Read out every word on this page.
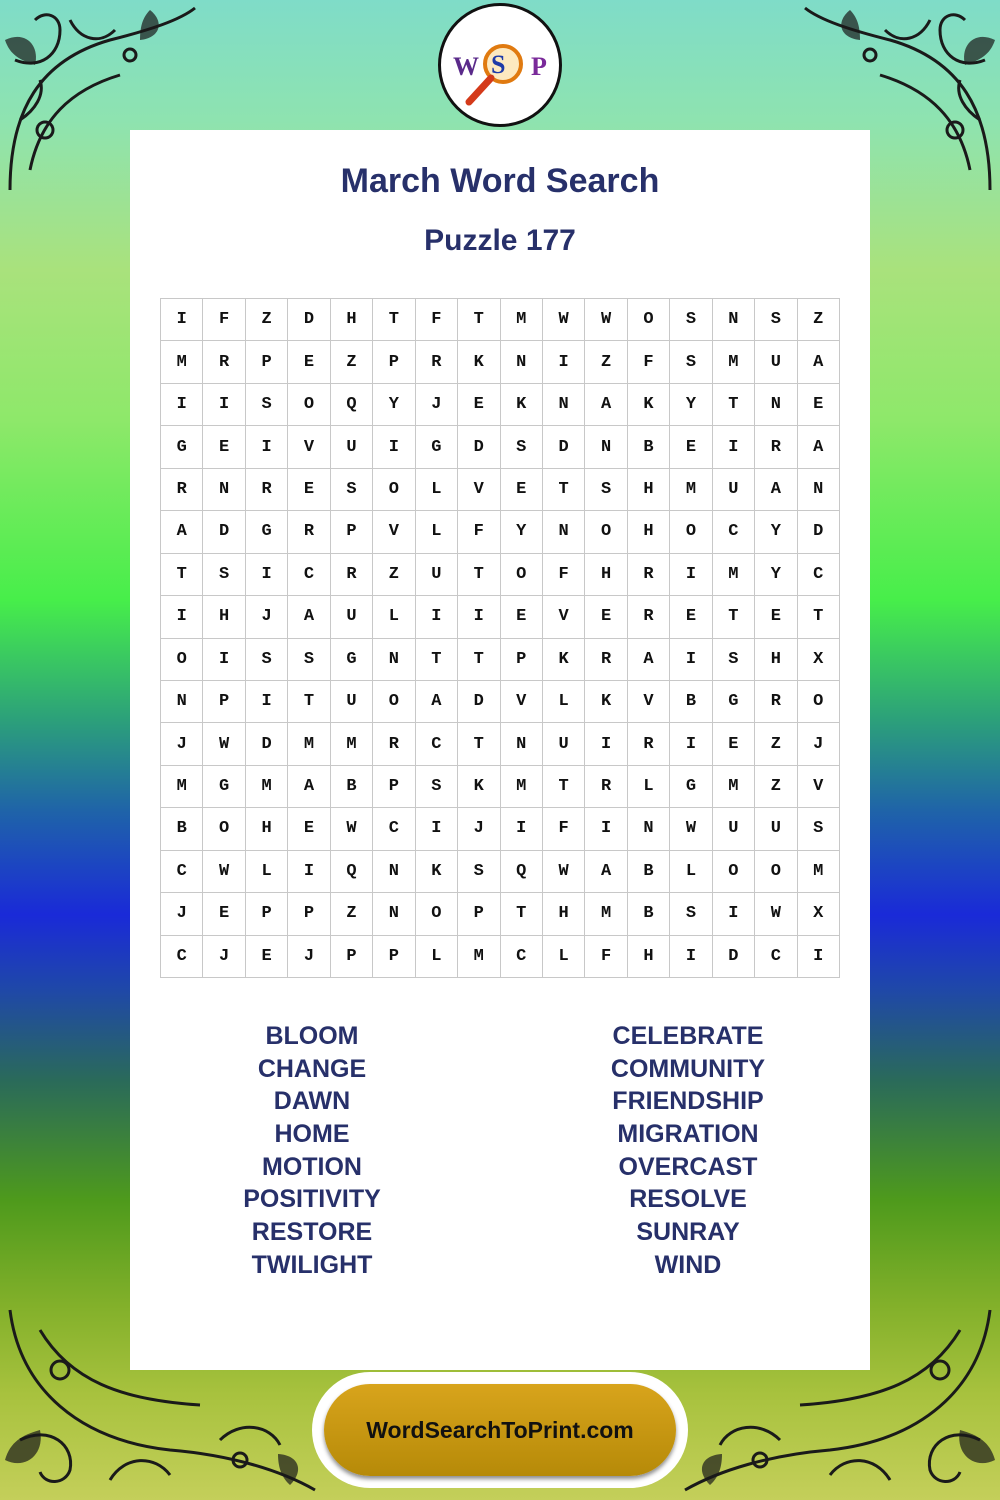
W S P
March Word Search
Puzzle 177
I	F	Z	D	H	T	F	T	M	W	W	O	S	N	S	Z
M	R	P	E	Z	P	R	K	N	I	Z	F	S	M	U	A
I	I	S	O	Q	Y	J	E	K	N	A	K	Y	T	N	E
G	E	I	V	U	I	G	D	S	D	N	B	E	I	R	A
R	N	R	E	S	O	L	V	E	T	S	H	M	U	A	N
A	D	G	R	P	V	L	F	Y	N	O	H	O	C	Y	D
T	S	I	C	R	Z	U	T	O	F	H	R	I	M	Y	C
I	H	J	A	U	L	I	I	E	V	E	R	E	T	E	T
O	I	S	S	G	N	T	T	P	K	R	A	I	S	H	X
N	P	I	T	U	O	A	D	V	L	K	V	B	G	R	O
J	W	D	M	M	R	C	T	N	U	I	R	I	E	Z	J
M	G	M	A	B	P	S	K	M	T	R	L	G	M	Z	V
B	O	H	E	W	C	I	J	I	F	I	N	W	U	U	S
C	W	L	I	Q	N	K	S	Q	W	A	B	L	O	O	M
J	E	P	P	Z	N	O	P	T	H	M	B	S	I	W	X
C	J	E	J	P	P	L	M	C	L	F	H	I	D	C	I
BLOOM
CHANGE
DAWN
HOME
MOTION
POSITIVITY
RESTORE
TWILIGHT
CELEBRATE
COMMUNITY
FRIENDSHIP
MIGRATION
OVERCAST
RESOLVE
SUNRAY
WIND
WordSearchToPrint.com
